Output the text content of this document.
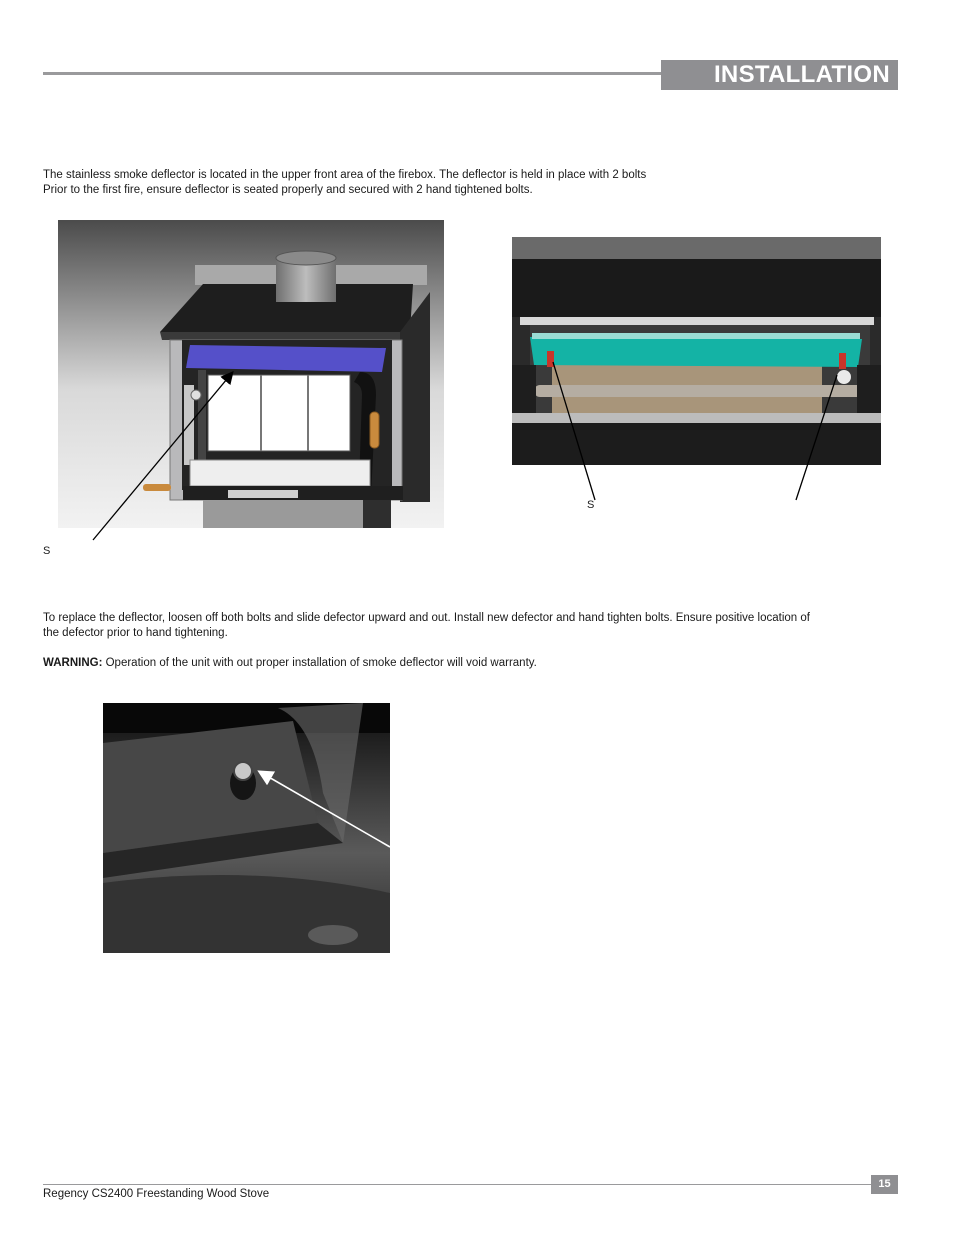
INSTALLATION

The stainless smoke deflector is located in the upper front area of the firebox. The deflector is held in place with 2 bolts

Prior to the first fire, ensure deflector is seated properly and secured with 2 hand tightened bolts.

S
S

To replace the deflector, loosen off both bolts and slide defector upward and out. Install new defector and hand tighten bolts. Ensure positive location of

the defector prior to hand tightening.

WARNING: Operation of the unit with out proper installation of smoke deflector will void warranty.
15
Regency CS2400 Freestanding Wood Stove
